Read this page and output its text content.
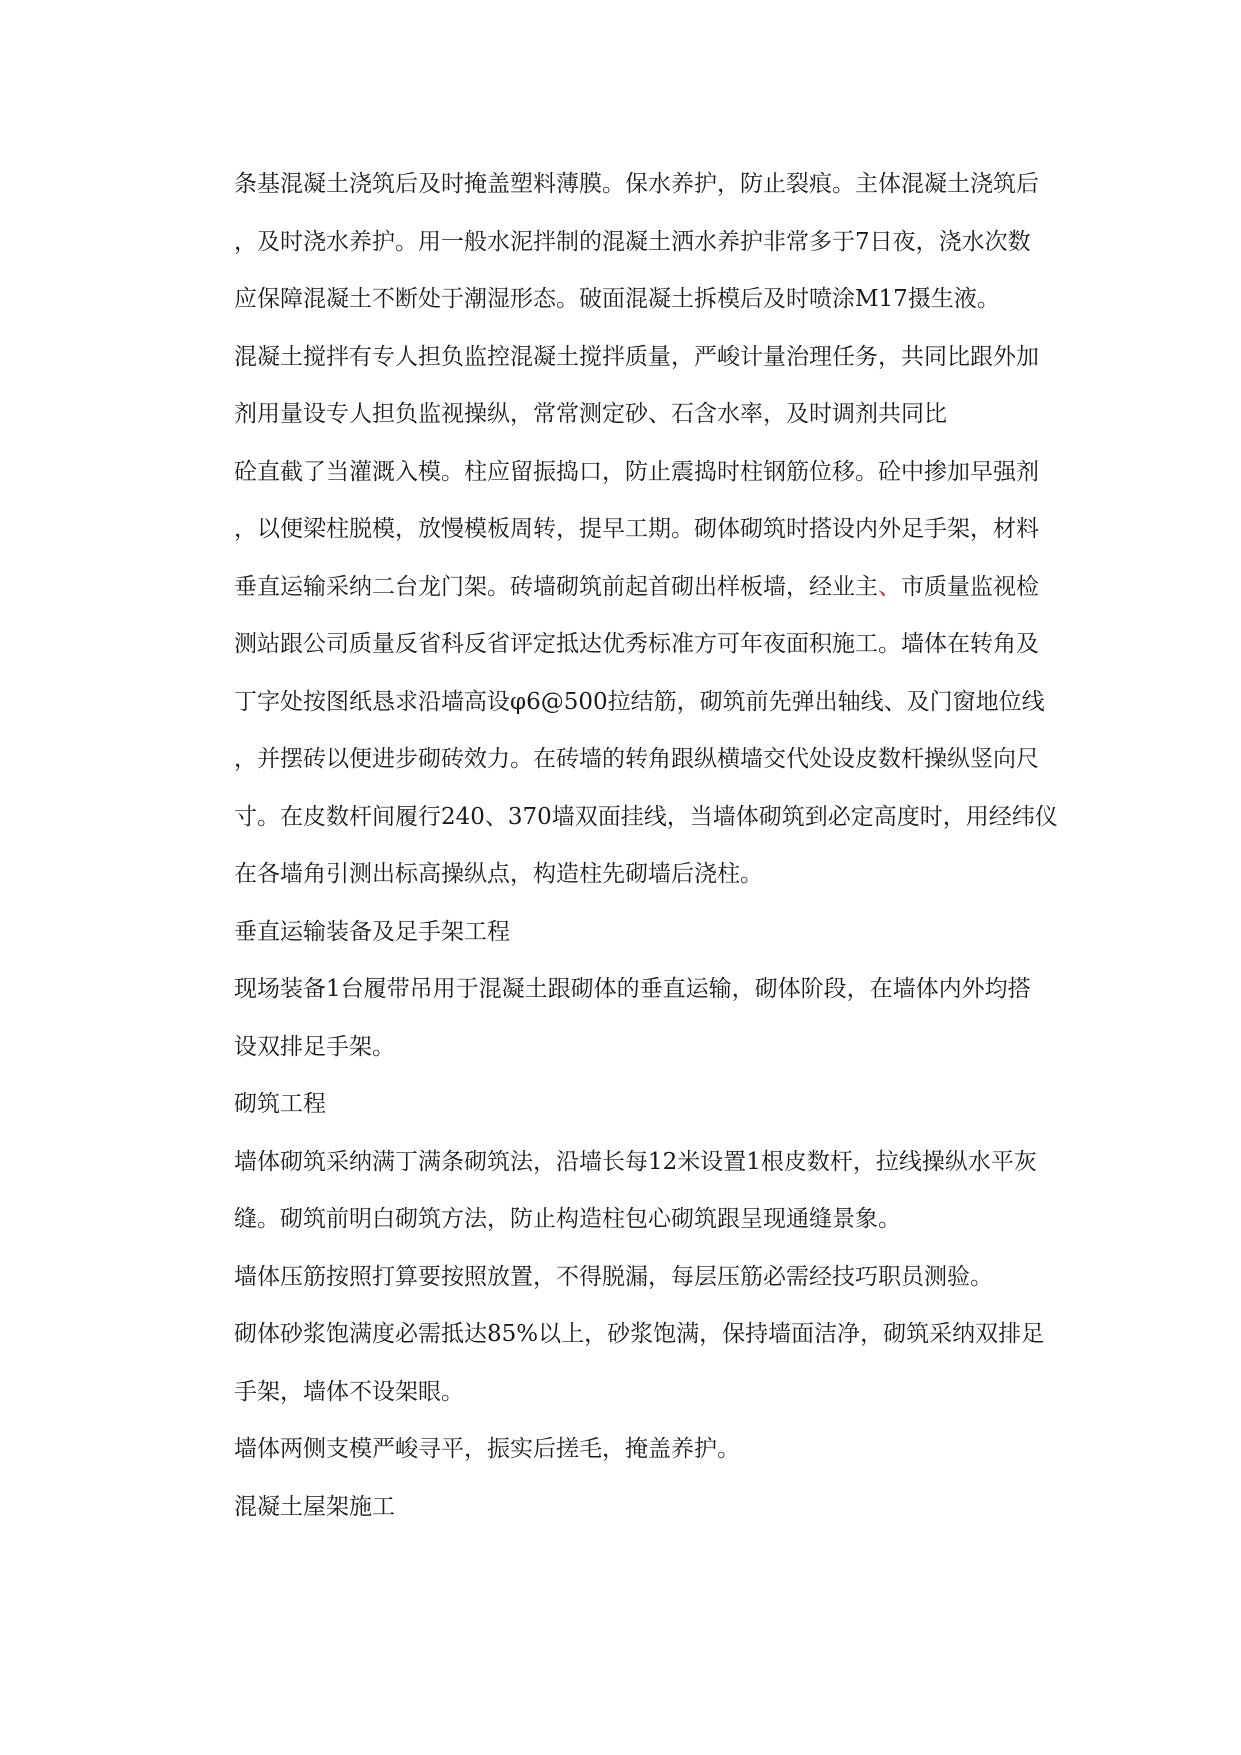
条基混凝土浇筑后及时掩盖塑料薄膜。保水养护，防止裂痕。主体混凝土浇筑后
，及时浇水养护。用一般水泥拌制的混凝土洒水养护非常多于7日夜，浇水次数
应保障混凝土不断处于潮湿形态。破面混凝土拆模后及时喷涂M17摄生液。
混凝土搅拌有专人担负监控混凝土搅拌质量，严峻计量治理任务，共同比跟外加
剂用量设专人担负监视操纵，常常测定砂、石含水率，及时调剂共同比
砼直截了当灌溉入模。柱应留振捣口，防止震捣时柱钢筋位移。砼中掺加早强剂
，以便梁柱脱模，放慢模板周转，提早工期。砌体砌筑时搭设内外足手架，材料
垂直运输采纳二台龙门架。砖墙砌筑前起首砌出样板墙，经业主、市质量监视检
测站跟公司质量反省科反省评定抵达优秀标准方可年夜面积施工。墙体在转角及
丁字处按图纸恳求沿墙高设φ6@500拉结筋，砌筑前先弹出轴线、及门窗地位线
，并摆砖以便进步砌砖效力。在砖墙的转角跟纵横墙交代处设皮数杆操纵竖向尺
寸。在皮数杆间履行240、370墙双面挂线，当墙体砌筑到必定高度时，用经纬仪
在各墙角引测出标高操纵点，构造柱先砌墙后浇柱。
垂直运输装备及足手架工程
现场装备1台履带吊用于混凝土跟砌体的垂直运输，砌体阶段，在墙体内外均搭
设双排足手架。
砌筑工程
墙体砌筑采纳满丁满条砌筑法，沿墙长每12米设置1根皮数杆，拉线操纵水平灰
缝。砌筑前明白砌筑方法，防止构造柱包心砌筑跟呈现通缝景象。
墙体压筋按照打算要按照放置，不得脱漏，每层压筋必需经技巧职员测验。
砌体砂浆饱满度必需抵达85%以上，砂浆饱满，保持墙面洁净，砌筑采纳双排足
手架，墙体不设架眼。
墙体两侧支模严峻寻平，振实后搓毛，掩盖养护。
混凝土屋架施工
